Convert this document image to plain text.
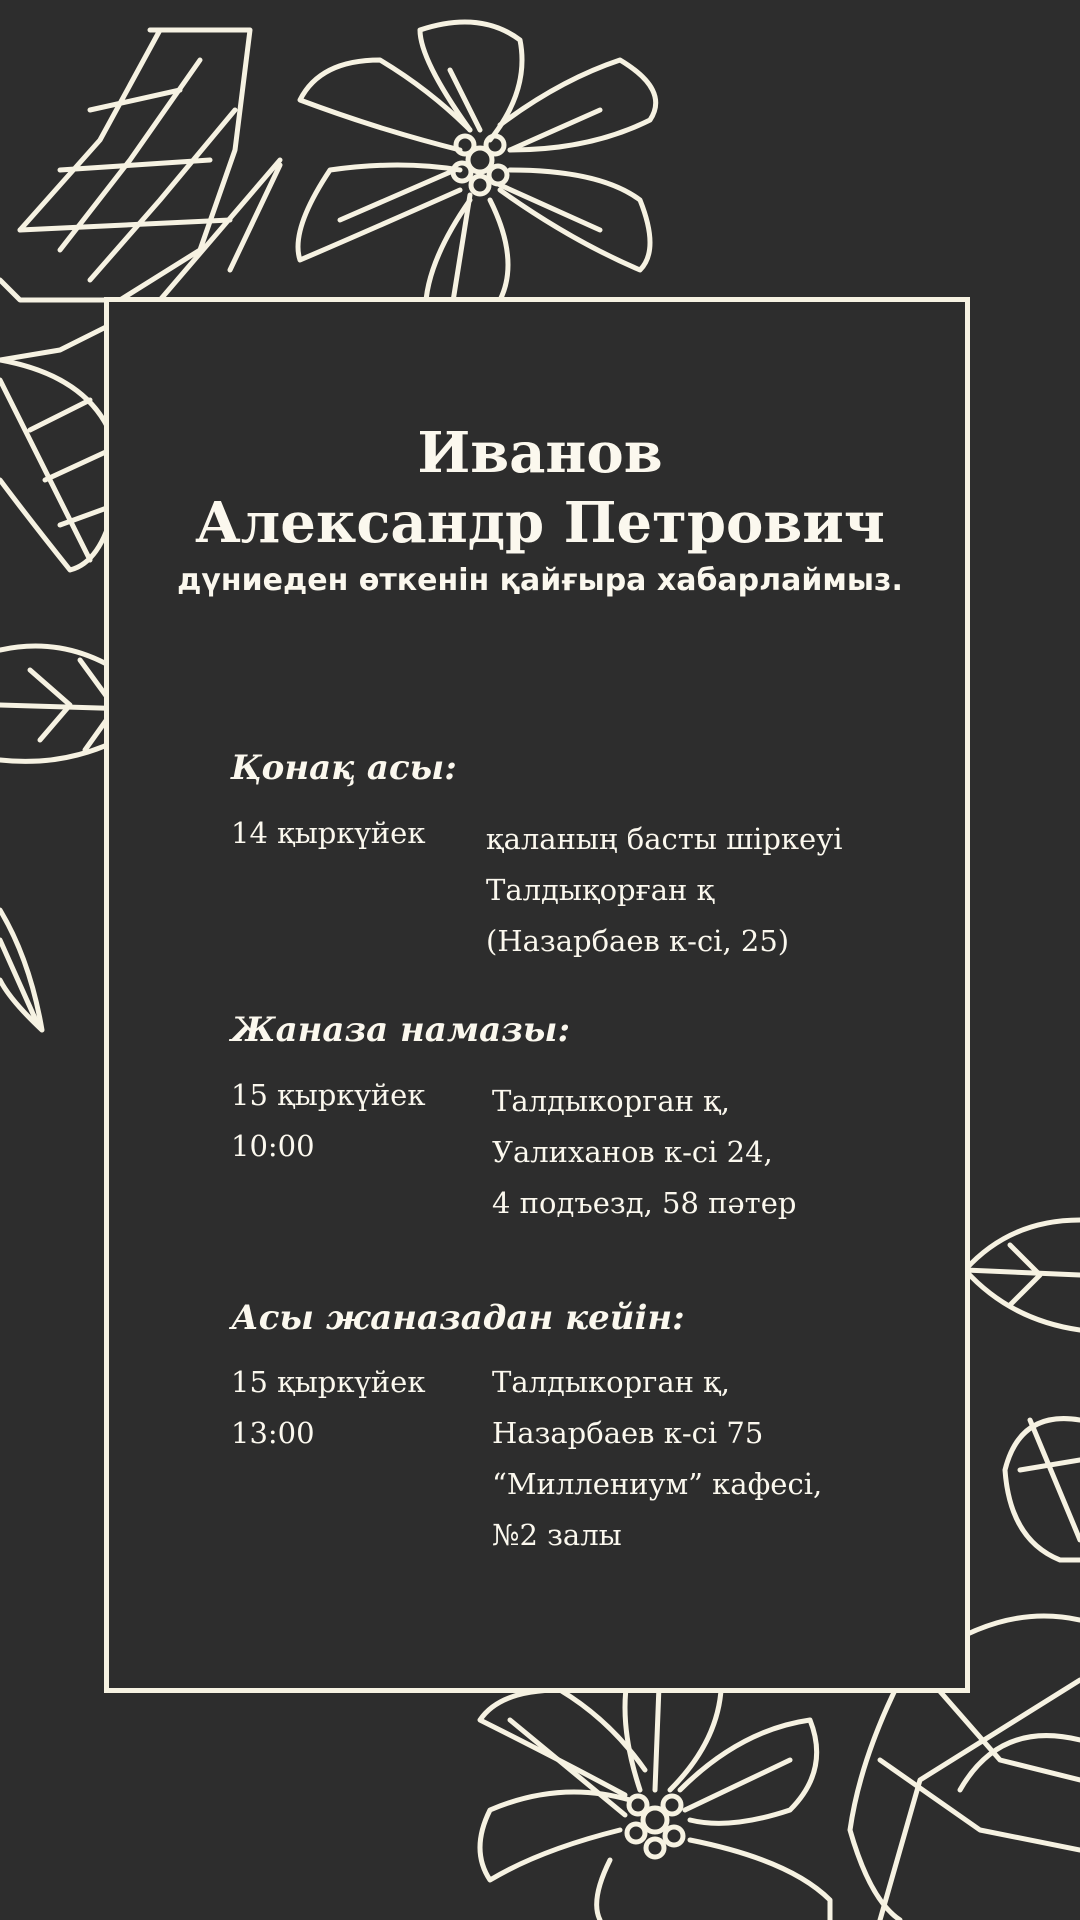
Иванов
Александр Петрович
дүниеден өткенін қайғыра хабарлаймыз.
Қонақ асы:
14 қыркүйек қаланың басты шіркеуі
Талдықорған қ
(Назарбаев к-сі, 25)
Жаназа намазы:
15 қыркүйек
10:00
Талдыкорган қ,
Уалиханов к-сі 24,
4 подъезд, 58 пәтер
Асы жаназадан кейін:
15 қыркүйек
13:00
Талдыкорган қ,
Назарбаев к-сі 75
“Миллениум” кафесі,
№2 залы
